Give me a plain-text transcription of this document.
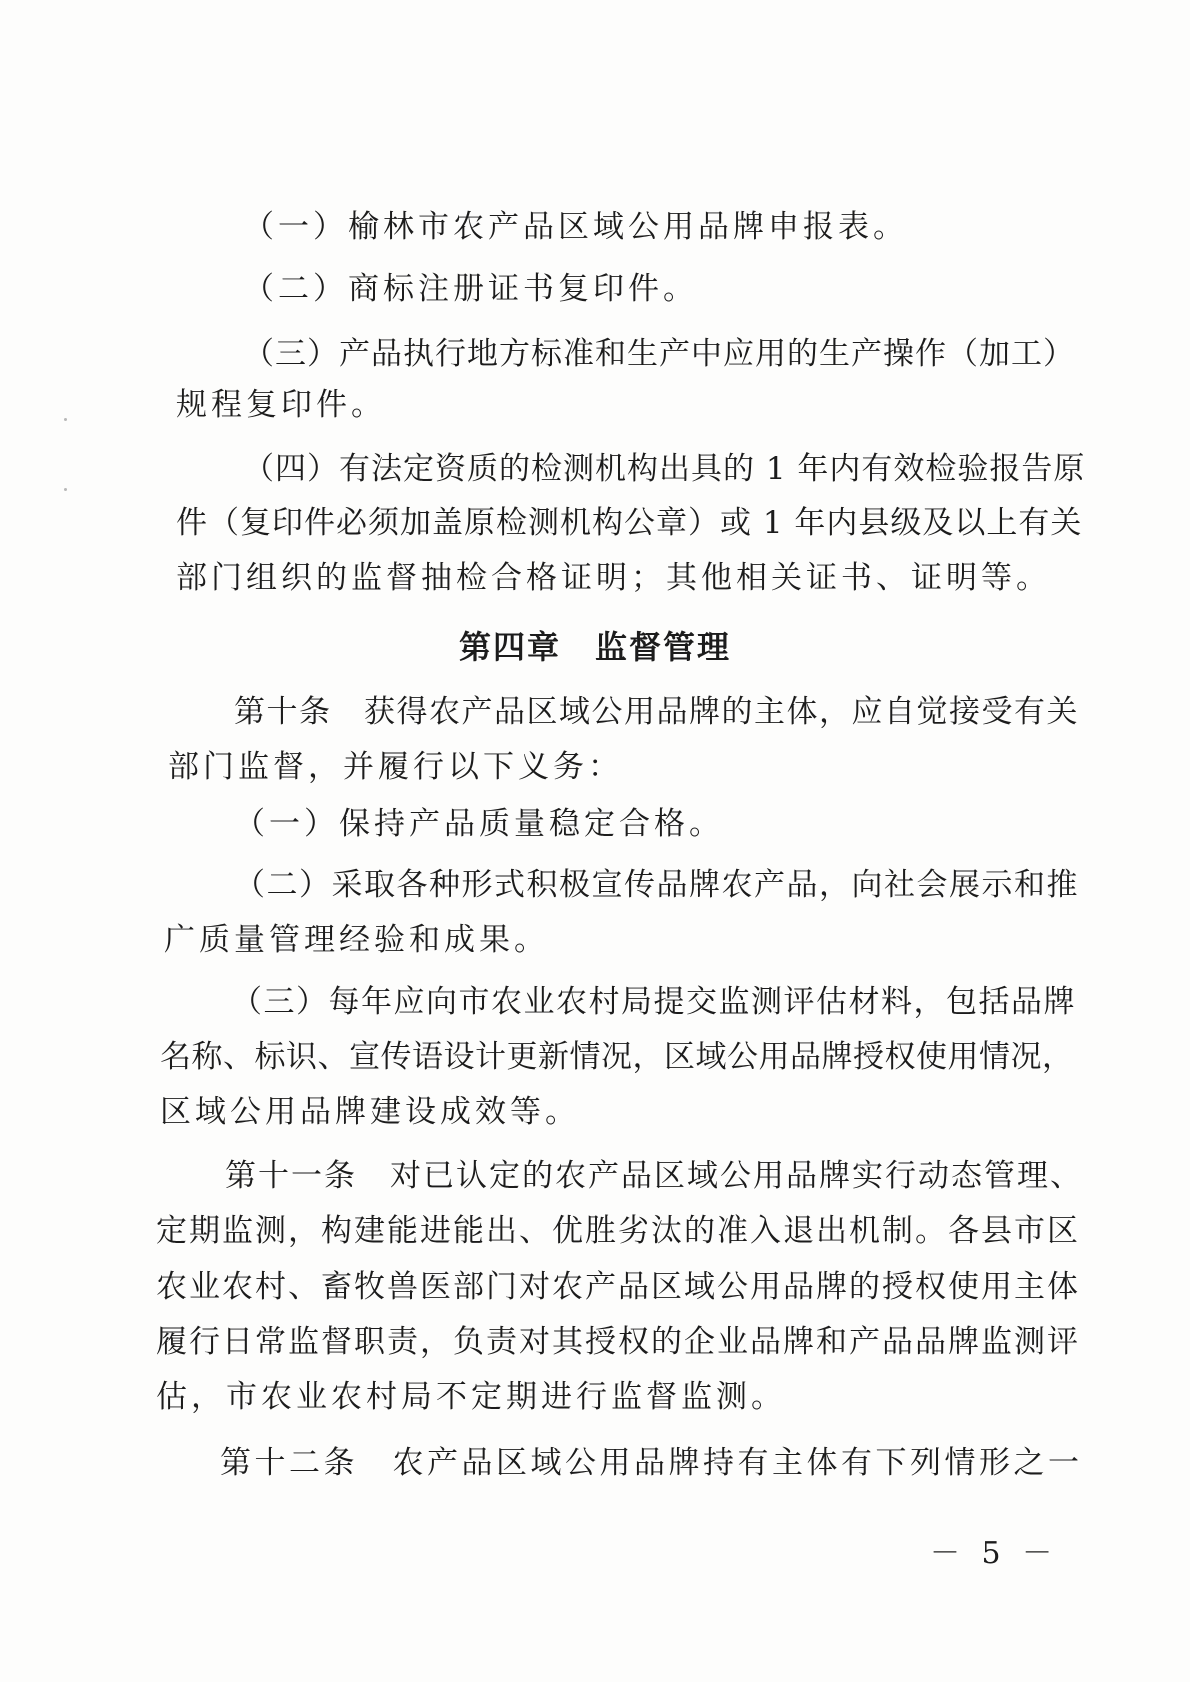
（一）榆林市农产品区域公用品牌申报表。
（二）商标注册证书复印件。
（三）产品执行地方标准和生产中应用的生产操作（加工）
规程复印件。
（四）有法定资质的检测机构出具的 1 年内有效检验报告原
件（复印件必须加盖原检测机构公章）或 1 年内县级及以上有关
部门组织的监督抽检合格证明；其他相关证书、证明等。
第四章 监督管理
第十条　获得农产品区域公用品牌的主体，应自觉接受有关
部门监督，并履行以下义务：
（一）保持产品质量稳定合格。
（二）采取各种形式积极宣传品牌农产品，向社会展示和推
广质量管理经验和成果。
（三）每年应向市农业农村局提交监测评估材料，包括品牌
名称、标识、宣传语设计更新情况，区域公用品牌授权使用情况，
区域公用品牌建设成效等。
第十一条　对已认定的农产品区域公用品牌实行动态管理、
定期监测，构建能进能出、优胜劣汰的准入退出机制。各县市区
农业农村、畜牧兽医部门对农产品区域公用品牌的授权使用主体
履行日常监督职责，负责对其授权的企业品牌和产品品牌监测评
估，市农业农村局不定期进行监督监测。
第十二条　农产品区域公用品牌持有主体有下列情形之一
－ 5 －
